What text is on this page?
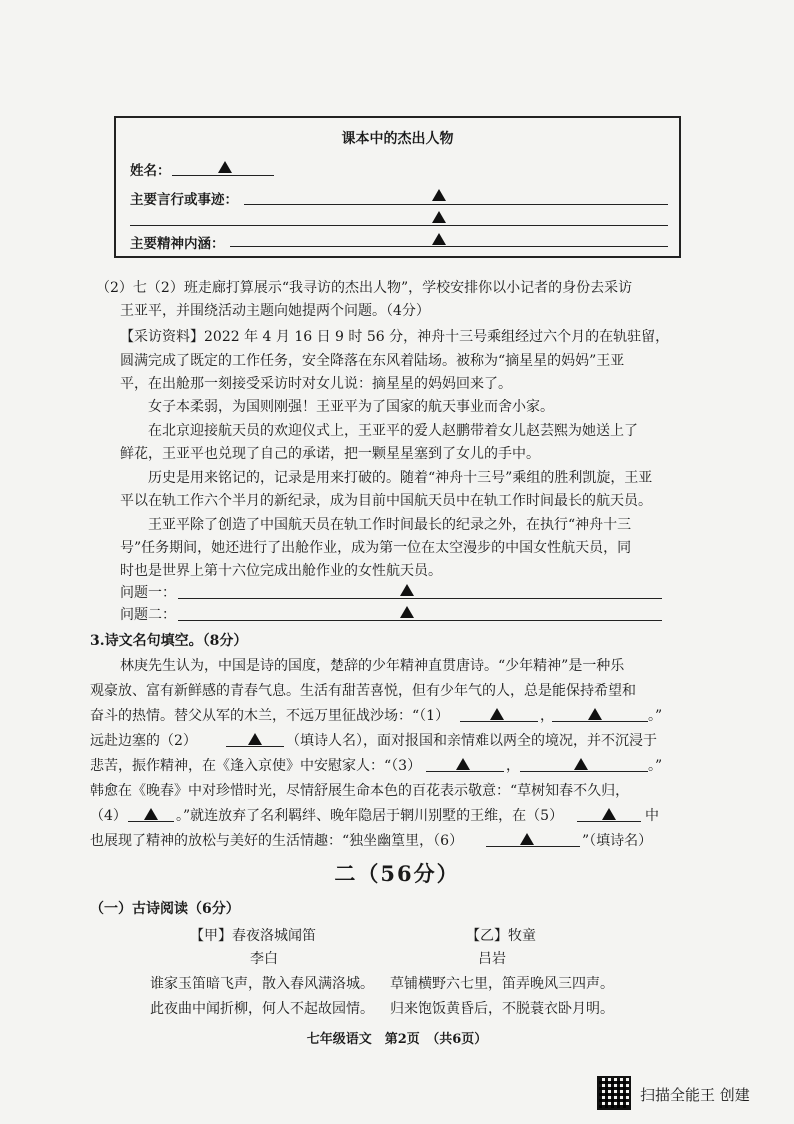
课本中的杰出人物
姓名：
主要言行或事迹：
主要精神内涵：
（2）七（2）班走廊打算展示“我寻访的杰出人物”，学校安排你以小记者的身份去采访
王亚平，并围绕活动主题向她提两个问题。（4分）
【采访资料】2022 年 4 月 16 日 9 时 56 分，神舟十三号乘组经过六个月的在轨驻留，
圆满完成了既定的工作任务，安全降落在东风着陆场。被称为“摘星星的妈妈”王亚
平，在出舱那一刻接受采访时对女儿说：摘星星的妈妈回来了。
女子本柔弱，为国则刚强！王亚平为了国家的航天事业而舍小家。
在北京迎接航天员的欢迎仪式上，王亚平的爱人赵鹏带着女儿赵芸熙为她送上了
鲜花，王亚平也兑现了自己的承诺，把一颗星星塞到了女儿的手中。
历史是用来铭记的，记录是用来打破的。随着“神舟十三号”乘组的胜利凯旋，王亚
平以在轨工作六个半月的新纪录，成为目前中国航天员中在轨工作时间最长的航天员。
王亚平除了创造了中国航天员在轨工作时间最长的纪录之外，在执行“神舟十三
号”任务期间，她还进行了出舱作业，成为第一位在太空漫步的中国女性航天员，同
时也是世界上第十六位完成出舱作业的女性航天员。
问题一：
问题二：
3.诗文名句填空。（8分）
林庚先生认为，中国是诗的国度，楚辞的少年精神直贯唐诗。“少年精神”是一种乐
观豪放、富有新鲜感的青春气息。生活有甜苦喜悦，但有少年气的人，总是能保持希望和
奋斗的热情。替父从军的木兰，不远万里征战沙场：“（1）	，	。”
远赴边塞的（2）	（填诗人名），面对报国和亲情难以两全的境况，并不沉浸于
悲苦，振作精神，在《逢入京使》中安慰家人：“（3）	，	。”
韩愈在《晚春》中对珍惜时光，尽情舒展生命本色的百花表示敬意：“草树知春不久归，
（4）	。”就连放弃了名利羁绊、晚年隐居于辋川别墅的王维，在（5）	中
也展现了精神的放松与美好的生活情趣：“独坐幽篁里，（6）	”（填诗名）
二（56分）
（一）古诗阅读（6分）
【甲】春夜洛城闻笛
李白
谁家玉笛暗飞声，散入春风满洛城。
此夜曲中闻折柳，何人不起故园情。
【乙】牧童
吕岩
草铺横野六七里，笛弄晚风三四声。
归来饱饭黄昏后，不脱蓑衣卧月明。
七年级语文　第2页　（共6页）
扫描全能王 创建
